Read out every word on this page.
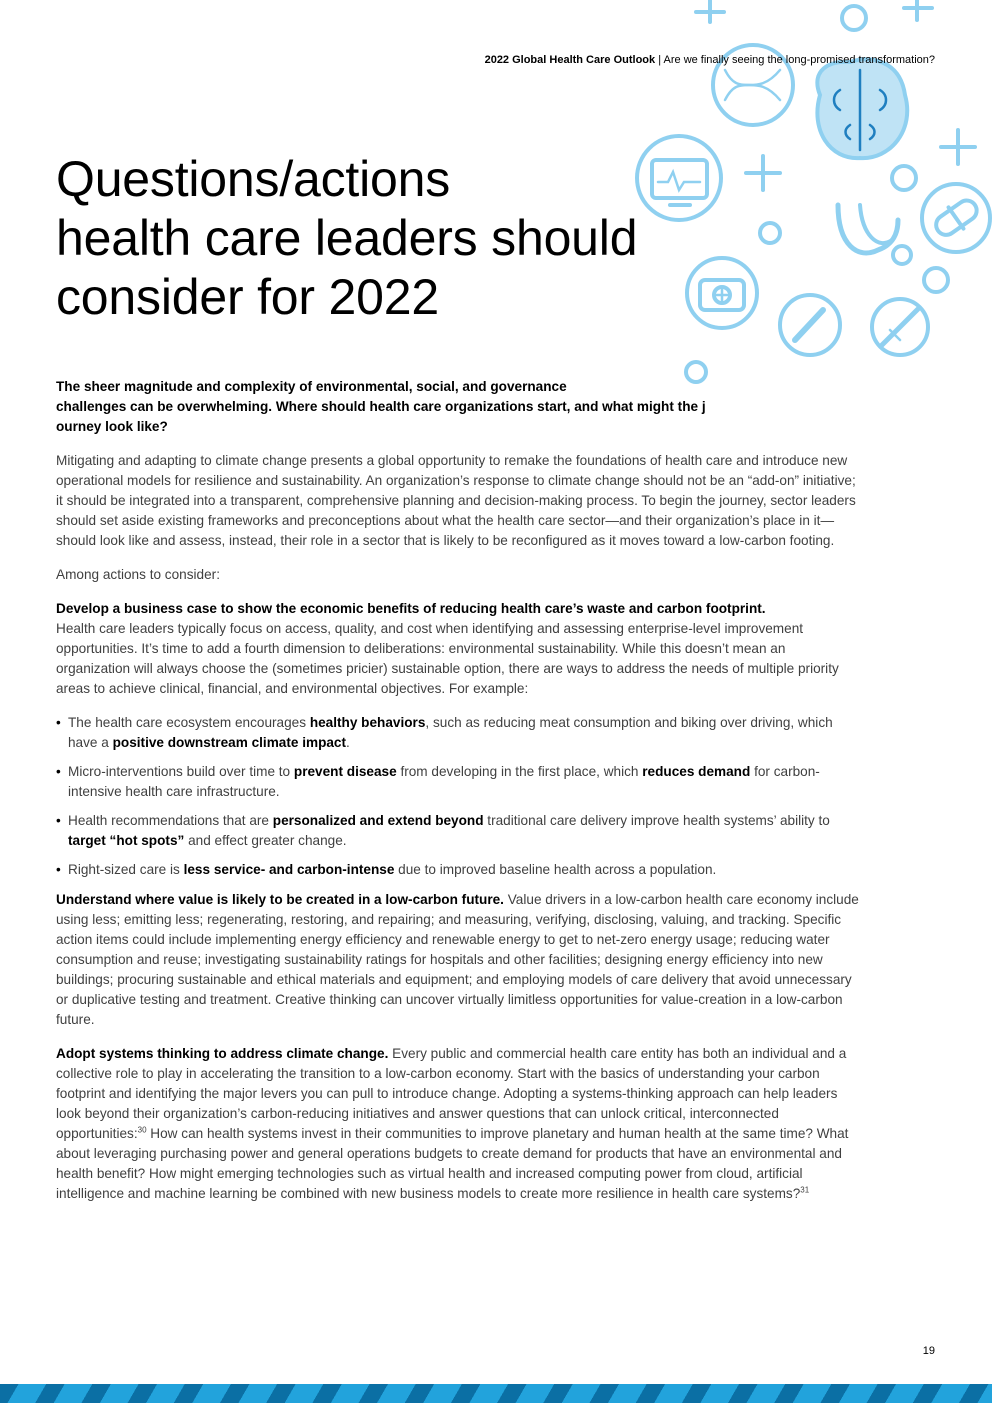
2022 Global Health Care Outlook | Are we finally seeing the long-promised transformation?
Questions/actions
health care leaders should
consider for 2022

The sheer magnitude and complexity of environmental, social, and governance
challenges can be overwhelming. Where should health care organizations start, and what might the j
ourney look like?

Mitigating and adapting to climate change presents a global opportunity to remake the foundations of health care and introduce new operational models for resilience and sustainability. An organization’s response to climate change should not be an “add-on” initiative; it should be integrated into a transparent, comprehensive planning and decision-making process. To begin the journey, sector leaders should set aside existing frameworks and preconceptions about what the health care sector—and their organization’s place in it—should look like and assess, instead, their role in a sector that is likely to be reconfigured as it moves toward a low-carbon footing.

Among actions to consider:

Develop a business case to show the economic benefits of reducing health care’s waste and carbon footprint.
Health care leaders typically focus on access, quality, and cost when identifying and assessing enterprise-level improvement opportunities. It’s time to add a fourth dimension to deliberations: environmental sustainability. While this doesn’t mean an organization will always choose the (sometimes pricier) sustainable option, there are ways to address the needs of multiple priority areas to achieve clinical, financial, and environmental objectives. For example:

• The health care ecosystem encourages healthy behaviors, such as reducing meat consumption and biking over driving, which have a positive downstream climate impact.
• Micro-interventions build over time to prevent disease from developing in the first place, which reduces demand for carbon-intensive health care infrastructure.
• Health recommendations that are personalized and extend beyond traditional care delivery improve health systems’ ability to target “hot spots” and effect greater change.
• Right-sized care is less service- and carbon-intense due to improved baseline health across a population.

Understand where value is likely to be created in a low-carbon future. Value drivers in a low-carbon health care economy include using less; emitting less; regenerating, restoring, and repairing; and measuring, verifying, disclosing, valuing, and tracking. Specific action items could include implementing energy efficiency and renewable energy to get to net-zero energy usage; reducing water consumption and reuse; investigating sustainability ratings for hospitals and other facilities; designing energy efficiency into new buildings; procuring sustainable and ethical materials and equipment; and employing models of care delivery that avoid unnecessary or duplicative testing and treatment. Creative thinking can uncover virtually limitless opportunities for value-creation in a low-carbon future.

Adopt systems thinking to address climate change. Every public and commercial health care entity has both an individual and a collective role to play in accelerating the transition to a low-carbon economy. Start with the basics of understanding your carbon footprint and identifying the major levers you can pull to introduce change. Adopting a systems-thinking approach can help leaders look beyond their organization’s carbon-reducing initiatives and answer questions that can unlock critical, interconnected opportunities:$^{30}$ How can health systems invest in their communities to improve planetary and human health at the same time? What about leveraging purchasing power and general operations budgets to create demand for products that have an environmental and health benefit? How might emerging technologies such as virtual health and increased computing power from cloud, artificial intelligence and machine learning be combined with new business models to create more resilience in health care systems?$^{31}$

19
